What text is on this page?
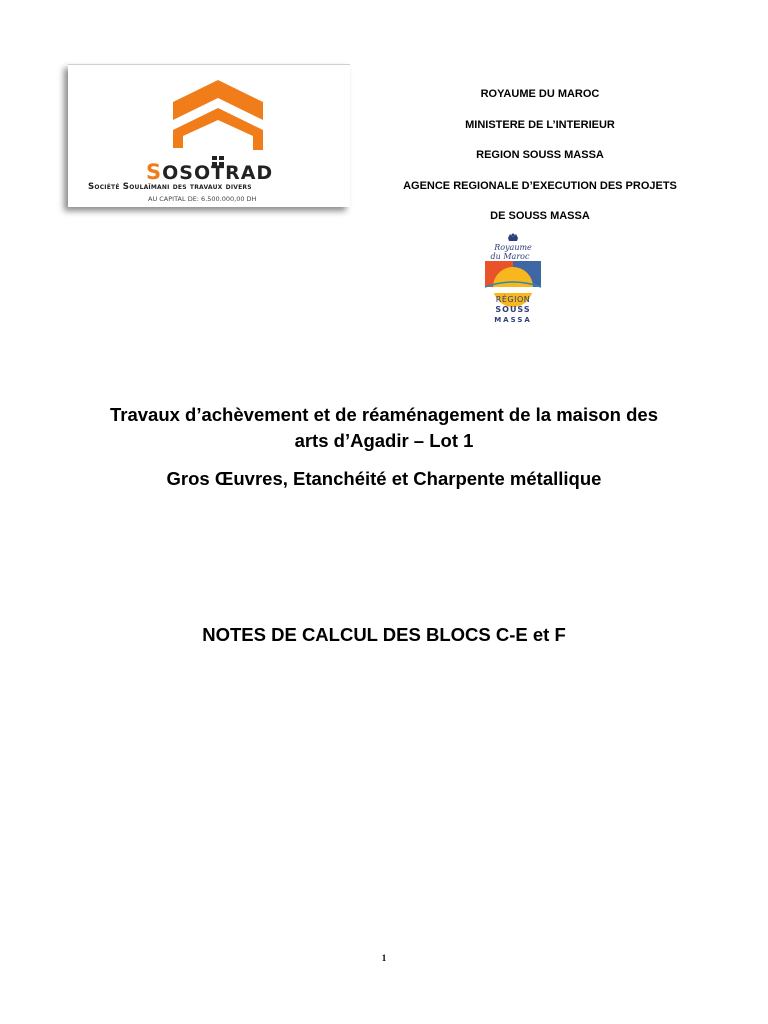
SOSOTRAD
Société Soulaïmani des travaux divers
AU CAPITAL DE: 6.500.000,00 DH
ROYAUME DU MAROC
MINISTERE DE L’INTERIEUR
REGION SOUSS MASSA
AGENCE REGIONALE D’EXECUTION DES PROJETS
DE SOUSS MASSA
Royaume
du Maroc
RÉGION
SOUSS
MASSA
Travaux d’achèvement et de réaménagement de la maison des
arts d’Agadir – Lot 1
Gros Œuvres, Etanchéité et Charpente métallique
NOTES DE CALCUL DES BLOCS C-E et F
1
